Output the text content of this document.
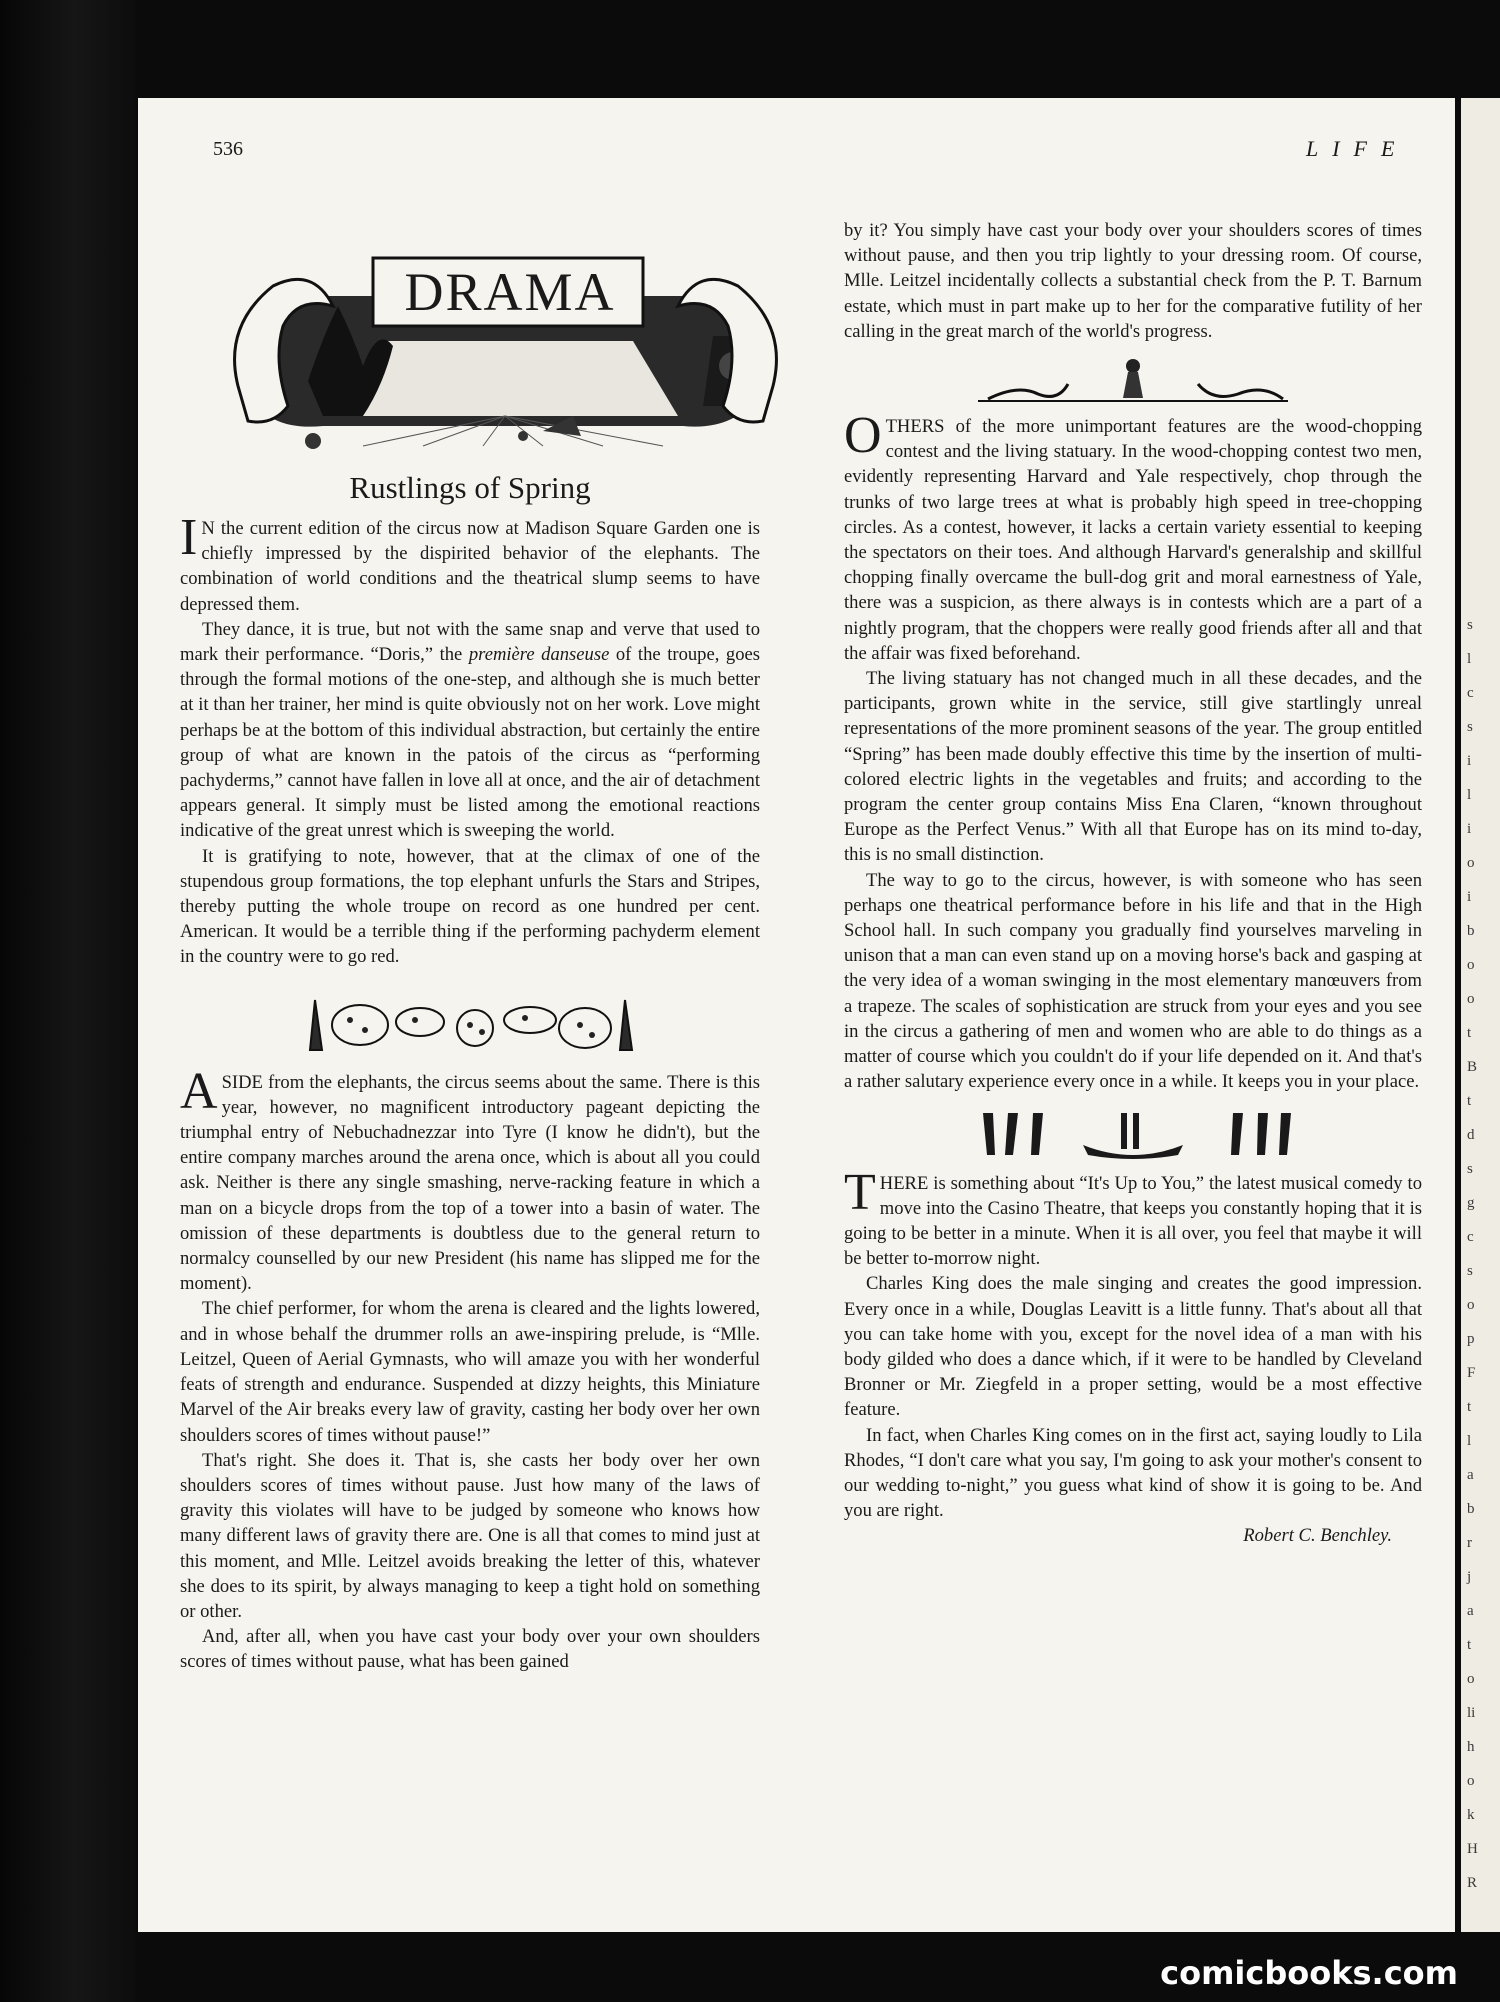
536	LIFE
DRAMA
Rustlings of Spring

I N the current edition of the circus now at Madison Square Garden one is chiefly impressed by the dispirited behavior of the elephants. The combination of world conditions and the theatrical slump seems to have depressed them.

They dance, it is true, but not with the same snap and verve that used to mark their performance. “Doris,” the première danseuse of the troupe, goes through the formal motions of the one-step, and although she is much better at it than her trainer, her mind is quite obviously not on her work. Love might perhaps be at the bottom of this individual abstraction, but certainly the entire group of what are known in the patois of the circus as “performing pachyderms,” cannot have fallen in love all at once, and the air of detachment appears general. It simply must be listed among the emotional reactions indicative of the great unrest which is sweeping the world.

It is gratifying to note, however, that at the climax of one of the stupendous group formations, the top elephant unfurls the Stars and Stripes, thereby putting the whole troupe on record as one hundred per cent. American. It would be a terrible thing if the performing pachyderm element in the country were to go red.

ASIDE from the elephants, the circus seems about the same. There is this year, however, no magnificent introductory pageant depicting the triumphal entry of Nebuchadnezzar into Tyre (I know he didn't), but the entire company marches around the arena once, which is about all you could ask. Neither is there any single smashing, nerve-racking feature in which a man on a bicycle drops from the top of a tower into a basin of water. The omission of these departments is doubtless due to the general return to normalcy counselled by our new President (his name has slipped me for the moment).

The chief performer, for whom the arena is cleared and the lights lowered, and in whose behalf the drummer rolls an awe-inspiring prelude, is “Mlle. Leitzel, Queen of Aerial Gymnasts, who will amaze you with her wonderful feats of strength and endurance. Suspended at dizzy heights, this Miniature Marvel of the Air breaks every law of gravity, casting her body over her own shoulders scores of times without pause!”

That's right. She does it. That is, she casts her body over her own shoulders scores of times without pause. Just how many of the laws of gravity this violates will have to be judged by someone who knows how many different laws of gravity there are. One is all that comes to mind just at this moment, and Mlle. Leitzel avoids breaking the letter of this, whatever she does to its spirit, by always managing to keep a tight hold on something or other.

And, after all, when you have cast your body over your own shoulders scores of times without pause, what has been gained

by it? You simply have cast your body over your shoulders scores of times without pause, and then you trip lightly to your dressing room. Of course, Mlle. Leitzel incidentally collects a substantial check from the P. T. Barnum estate, which must in part make up to her for the comparative futility of her calling in the great march of the world's progress.

OTHERS of the more unimportant features are the wood-chopping contest and the living statuary. In the wood-chopping contest two men, evidently representing Harvard and Yale respectively, chop through the trunks of two large trees at what is probably high speed in tree-chopping circles. As a contest, however, it lacks a certain variety essential to keeping the spectators on their toes. And although Harvard's generalship and skillful chopping finally overcame the bull-dog grit and moral earnestness of Yale, there was a suspicion, as there always is in contests which are a part of a nightly program, that the choppers were really good friends after all and that the affair was fixed beforehand.

The living statuary has not changed much in all these decades, and the participants, grown white in the service, still give startlingly unreal representations of the more prominent seasons of the year. The group entitled “Spring” has been made doubly effective this time by the insertion of multi-colored electric lights in the vegetables and fruits; and according to the program the center group contains Miss Ena Claren, “known throughout Europe as the Perfect Venus.” With all that Europe has on its mind to-day, this is no small distinction.

The way to go to the circus, however, is with someone who has seen perhaps one theatrical performance before in his life and that in the High School hall. In such company you gradually find yourselves marveling in unison that a man can even stand up on a moving horse's back and gasping at the very idea of a woman swinging in the most elementary manœuvers from a trapeze. The scales of sophistication are struck from your eyes and you see in the circus a gathering of men and women who are able to do things as a matter of course which you couldn't do if your life depended on it. And that's a rather salutary experience every once in a while. It keeps you in your place.

THERE is something about “It's Up to You,” the latest musical comedy to move into the Casino Theatre, that keeps you constantly hoping that it is going to be better in a minute. When it is all over, you feel that maybe it will be better to-morrow night.

Charles King does the male singing and creates the good impression. Every once in a while, Douglas Leavitt is a little funny. That's about all that you can take home with you, except for the novel idea of a man with his body gilded who does a dance which, if it were to be handled by Cleveland Bronner or Mr. Ziegfeld in a proper setting, would be a most effective feature.

In fact, when Charles King comes on in the first act, saying loudly to Lila Rhodes, “I don't care what you say, I'm going to ask your mother's consent to our wedding to-night,” you guess what kind of show it is going to be. And you are right.

Robert C. Benchley.
s
l
c
s
i
l
i
o
i
b
o
o
t
B
t
d
s
g
c
s
o
p
F
t
l
a
b
r
j
a
t
o
li
h
o
k
H
R
comicbooks.com
